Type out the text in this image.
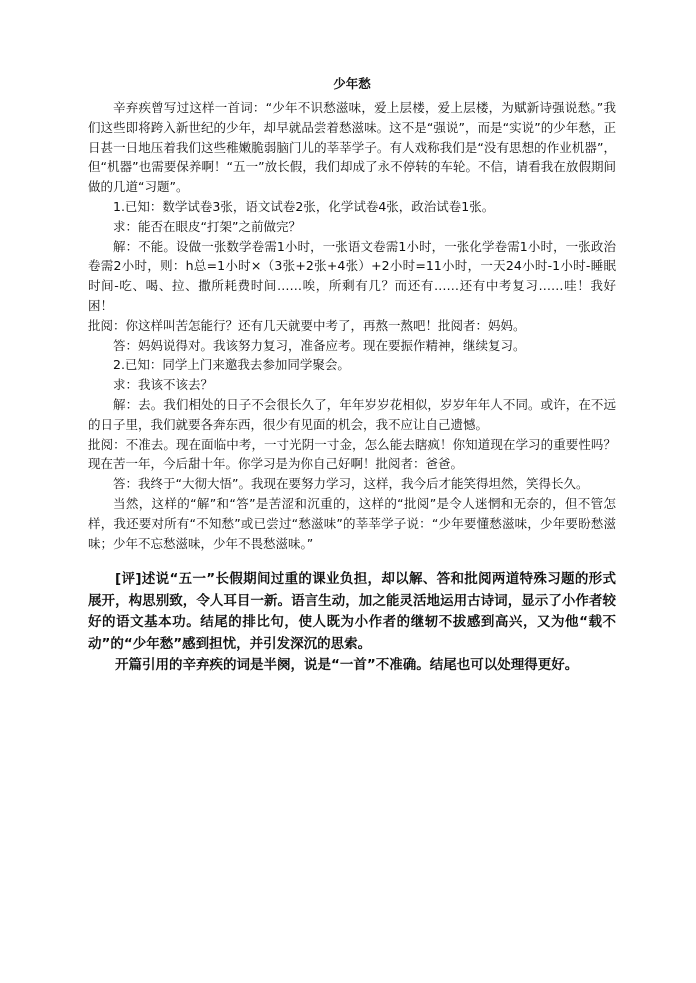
少年愁

辛弃疾曾写过这样一首词：“少年不识愁滋味，爱上层楼，爱上层楼，为赋新诗强说愁。”我们这些即将跨入新世纪的少年，却早就品尝着愁滋味。这不是“强说”，而是“实说”的少年愁，正日甚一日地压着我们这些稚嫩脆弱脑门儿的莘莘学子。有人戏称我们是“没有思想的作业机器”，但“机器”也需要保养啊！“五一”放长假，我们却成了永不停转的车轮。不信，请看我在放假期间做的几道“习题”。

1.已知：数学试卷3张，语文试卷2张，化学试卷4张，政治试卷1张。

求：能否在眼皮“打架”之前做完？

解：不能。设做一张数学卷需1小时，一张语文卷需1小时，一张化学卷需1小时，一张政治卷需2小时，则：h总=1小时×（3张+2张+4张）+2小时=11小时，一天24小时-1小时-睡眠时间-吃、喝、拉、撒所耗费时间……唉，所剩有几？而还有……还有中考复习……哇！我好困！

批阅：你这样叫苦怎能行？还有几天就要中考了，再熬一熬吧！批阅者：妈妈。

答：妈妈说得对。我该努力复习，准备应考。现在要振作精神，继续复习。

2.已知：同学上门来邀我去参加同学聚会。

求：我该不该去？

解：去。我们相处的日子不会很长久了，年年岁岁花相似，岁岁年年人不同。或许，在不远的日子里，我们就要各奔东西，很少有见面的机会，我不应让自己遗憾。

批阅：不准去。现在面临中考，一寸光阴一寸金，怎么能去瞎疯！你知道现在学习的重要性吗？现在苦一年，今后甜十年。你学习是为你自己好啊！批阅者：爸爸。

答：我终于“大彻大悟”。我现在要努力学习，这样，我今后才能笑得坦然，笑得长久。

当然，这样的“解”和“答”是苦涩和沉重的，这样的“批阅”是令人迷惘和无奈的，但不管怎样，我还要对所有“不知愁”或已尝过“愁滋味”的莘莘学子说：“少年要懂愁滋味，少年要盼愁滋味；少年不忘愁滋味，少年不畏愁滋味。”

[评]述说“五一”长假期间过重的课业负担，却以解、答和批阅两道特殊习题的形式展开，构思别致，令人耳目一新。语言生动，加之能灵活地运用古诗词，显示了小作者较好的语文基本功。结尾的排比句，使人既为小作者的继轫不拔感到高兴，又为他“载不动”的“少年愁”感到担忧，并引发深沉的思索。

开篇引用的辛弃疾的词是半阕，说是“一首”不准确。结尾也可以处理得更好。
